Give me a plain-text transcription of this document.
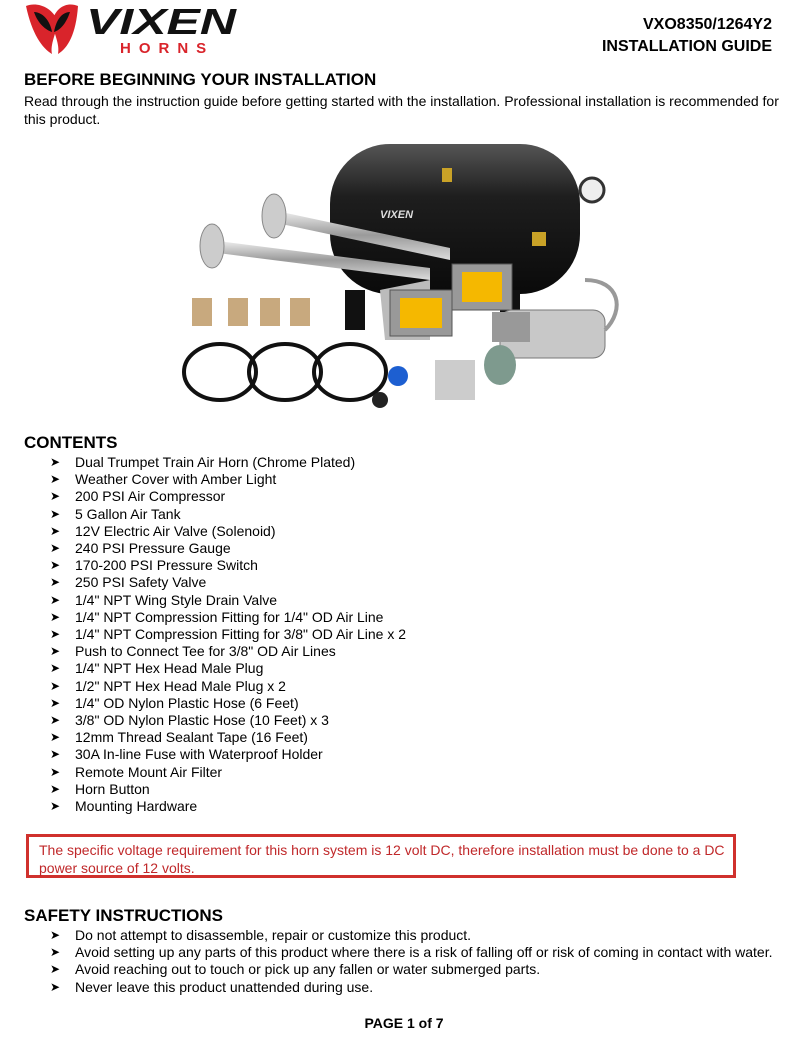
VIXEN
HORNS
VXO8350/1264Y2
INSTALLATION GUIDE
BEFORE BEGINNING YOUR INSTALLATION

Read through the instruction guide before getting started with the installation. Professional installation is recommended for this product.

VIXEN
CONTENTS
➤ Dual Trumpet Train Air Horn (Chrome Plated)
➤ Weather Cover with Amber Light
➤ 200 PSI Air Compressor
➤ 5 Gallon Air Tank
➤ 12V Electric Air Valve (Solenoid)
➤ 240 PSI Pressure Gauge
➤ 170-200 PSI Pressure Switch
➤ 250 PSI Safety Valve
➤ 1/4" NPT Wing Style Drain Valve
➤ 1/4" NPT Compression Fitting for 1/4" OD Air Line
➤ 1/4" NPT Compression Fitting for 3/8" OD Air Line x 2
➤ Push to Connect Tee for 3/8" OD Air Lines
➤ 1/4" NPT Hex Head Male Plug
➤ 1/2" NPT Hex Head Male Plug x 2
➤ 1/4" OD Nylon Plastic Hose (6 Feet)
➤ 3/8" OD Nylon Plastic Hose (10 Feet) x 3
➤ 12mm Thread Sealant Tape (16 Feet)
➤ 30A In-line Fuse with Waterproof Holder
➤ Remote Mount Air Filter
➤ Horn Button
➤ Mounting Hardware
The specific voltage requirement for this horn system is 12 volt DC, therefore installation must be done to a DC power source of 12 volts.
SAFETY INSTRUCTIONS
➤ Do not attempt to disassemble, repair or customize this product.
➤ Avoid setting up any parts of this product where there is a risk of falling off or risk of coming in contact with water.
➤ Avoid reaching out to touch or pick up any fallen or water submerged parts.
➤ Never leave this product unattended during use.
PAGE 1 of 7
